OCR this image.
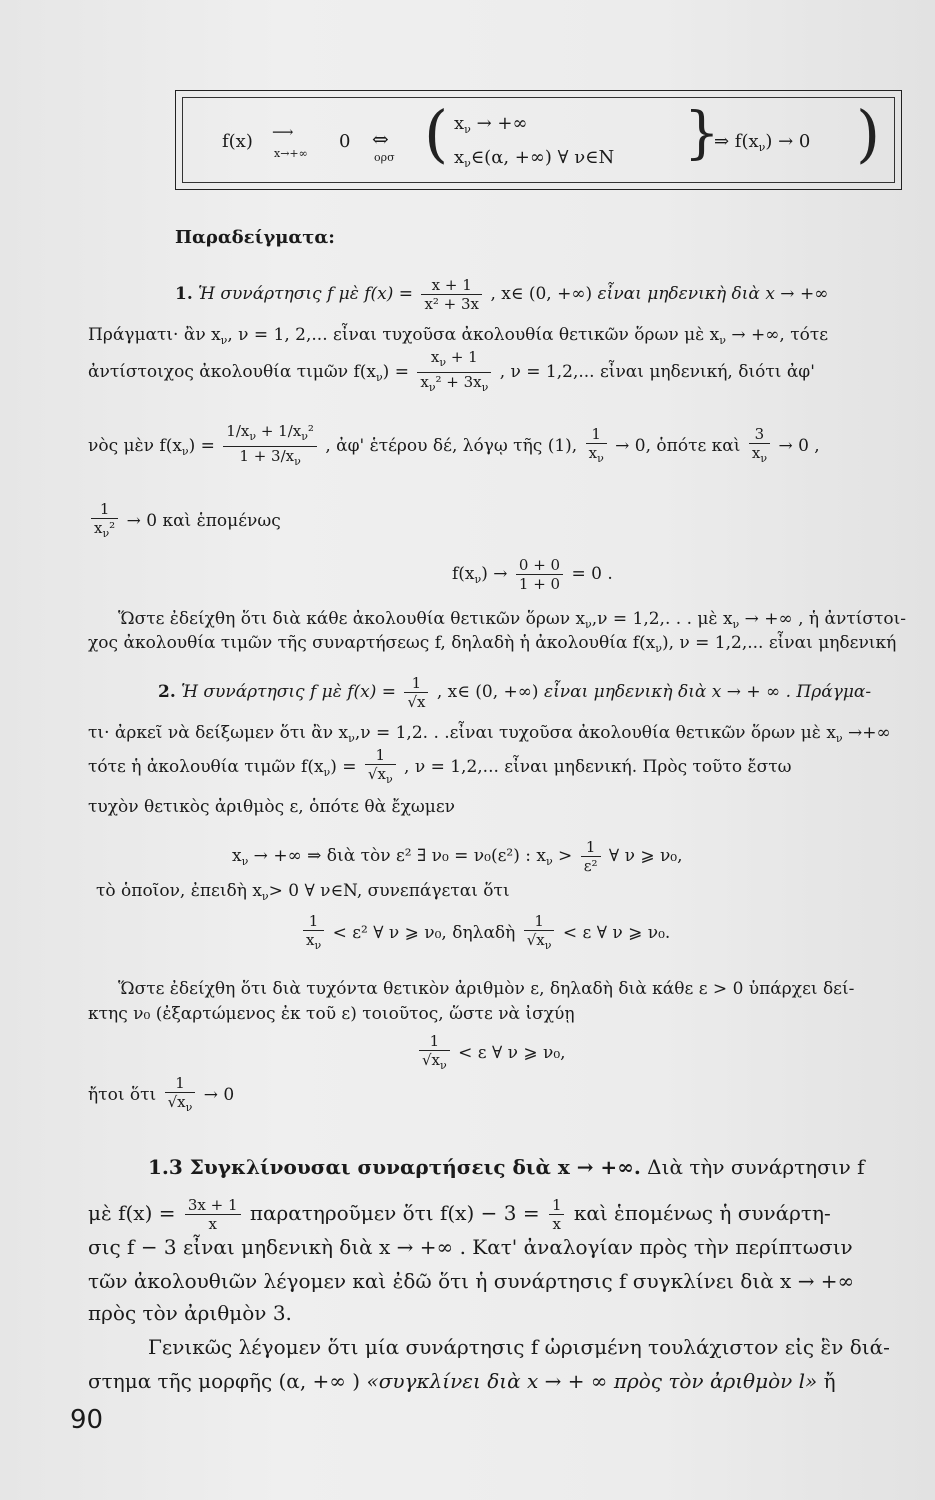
f(x) ⟶
x→+∞
0 ⇔
ορσ ( $x_\nu$ → +∞
$x_\nu\in(\alpha$, +∞) ∀ ν∈N }
⇒ $f(x_\nu) \to 0$ )
Παραδείγματα:
1. Ἡ συνάρτησις f μὲ $f(x) = \frac{x + 1}{\text{x² + 3x}}$ , x∈ (0, +∞) εἶναι μηδενικὴ διὰ x → +∞
Πράγματι· ἂν $x_\nu$, ν = 1, 2,... εἶναι τυχοῦσα ἀκολουθία θετικῶν ὅρων μὲ $x_\nu$ → +∞, τότε
ἀντίστοιχος ἀκολουθία τιμῶν $f(x_\nu) = \frac{x_\nu + 1}{x_\nu^2 + 3x_\nu}$ , ν = 1,2,... εἶναι μηδενική, διότι ἀφ'
νὸς μὲν $f(x_\nu) = \frac{1/x_\nu + 1/x_\nu^2}{1 + 3/x_\nu}$ , ἀφ' ἑτέρου δέ, λόγῳ τῆς (1), $\frac{1}{x_\nu} \to 0$, ὁπότε καὶ $\frac{3}{x_\nu} \to 0$ ,
$\frac{1}{x_\nu^2} \to 0$ καὶ ἑπομένως
$f(x_\nu) \to \frac{0 + 0}{1 + 0} = 0$ .
Ὥστε ἐδείχθη ὅτι διὰ κάθε ἀκολουθία θετικῶν ὅρων $x_\nu,\nu = 1,2$,. . . μὲ $x_\nu$ → +∞ , ἡ ἀντίστοι-
χος ἀκολουθία τιμῶν τῆς συναρτήσεως f, δηλαδὴ ἡ ἀκολουθία $f(x_\nu)$, ν = 1,2,... εἶναι μηδενική
2. Ἡ συνάρτησις f μὲ $f(x) = \frac{1}{√x}$ , x∈ (0, +∞) εἶναι μηδενικὴ διὰ x → + ∞ . Πράγμα-
τι· ἀρκεῖ νὰ δείξωμεν ὅτι ἂν $x_\nu,\nu = 1,2$. . .εἶναι τυχοῦσα ἀκολουθία θετικῶν ὅρων μὲ $x_\nu$ →+∞
τότε ἡ ἀκολουθία τιμῶν $f(x_\nu) = \frac{1}{√x_\nu}$ , ν = 1,2,... εἶναι μηδενική. Πρὸς τοῦτο ἔστω
τυχὸν θετικὸς ἀριθμὸς ε, ὁπότε θὰ ἔχωμεν
$x_\nu$ → +∞ ⇒ διὰ τὸν ε² ∃ ν₀ = ν₀(ε²) : $x_\nu > \frac{1}{\text{ε²}}$ ∀ ν ⩾ ν₀,
τὸ ὁποῖον, ἐπειδὴ $x_\nu> 0$ ∀ ν∈N, συνεπάγεται ὅτι
$\frac{1}{x_\nu} < \varepsilon^2$ ∀ ν ⩾ ν₀, δηλαδὴ $\frac{1}{√x_\nu} < \varepsilon$ ∀ ν ⩾ ν₀.
Ὥστε ἐδείχθη ὅτι διὰ τυχόντα θετικὸν ἀριθμὸν ε, δηλαδὴ διὰ κάθε ε > 0 ὑπάρχει δεί-
κτης ν₀ (ἐξαρτώμενος ἐκ τοῦ ε) τοιοῦτος, ὥστε νὰ ἰσχύῃ
$\frac{1}{√x_\nu} < \varepsilon$ ∀ ν ⩾ ν₀,
ἤτοι ὅτι $\frac{1}{√x_\nu} \to 0$
1.3 Συγκλίνουσαι συναρτήσεις διὰ x → +∞. Διὰ τὴν συνάρτησιν f
μὲ $f(x) = \frac{3x + 1}{x}$ παρατηροῦμεν ὅτι $f(x) - 3 = \frac{1}{x}$ καὶ ἑπομένως ἡ συνάρτη-
σις f − 3 εἶναι μηδενικὴ διὰ x → +∞ . Κατ' ἀναλογίαν πρὸς τὴν περίπτωσιν
τῶν ἀκολουθιῶν λέγομεν καὶ ἐδῶ ὅτι ἡ συνάρτησις f συγκλίνει διὰ x → +∞
πρὸς τὸν ἀριθμὸν 3.
Γενικῶς λέγομεν ὅτι μία συνάρτησις f ὡρισμένη τουλάχιστον εἰς ἓν διά-
στημα τῆς μορφῆς (α, +∞ ) «συγκλίνει διὰ x → + ∞ πρὸς τὸν ἀριθμὸν l» ἤ
90
